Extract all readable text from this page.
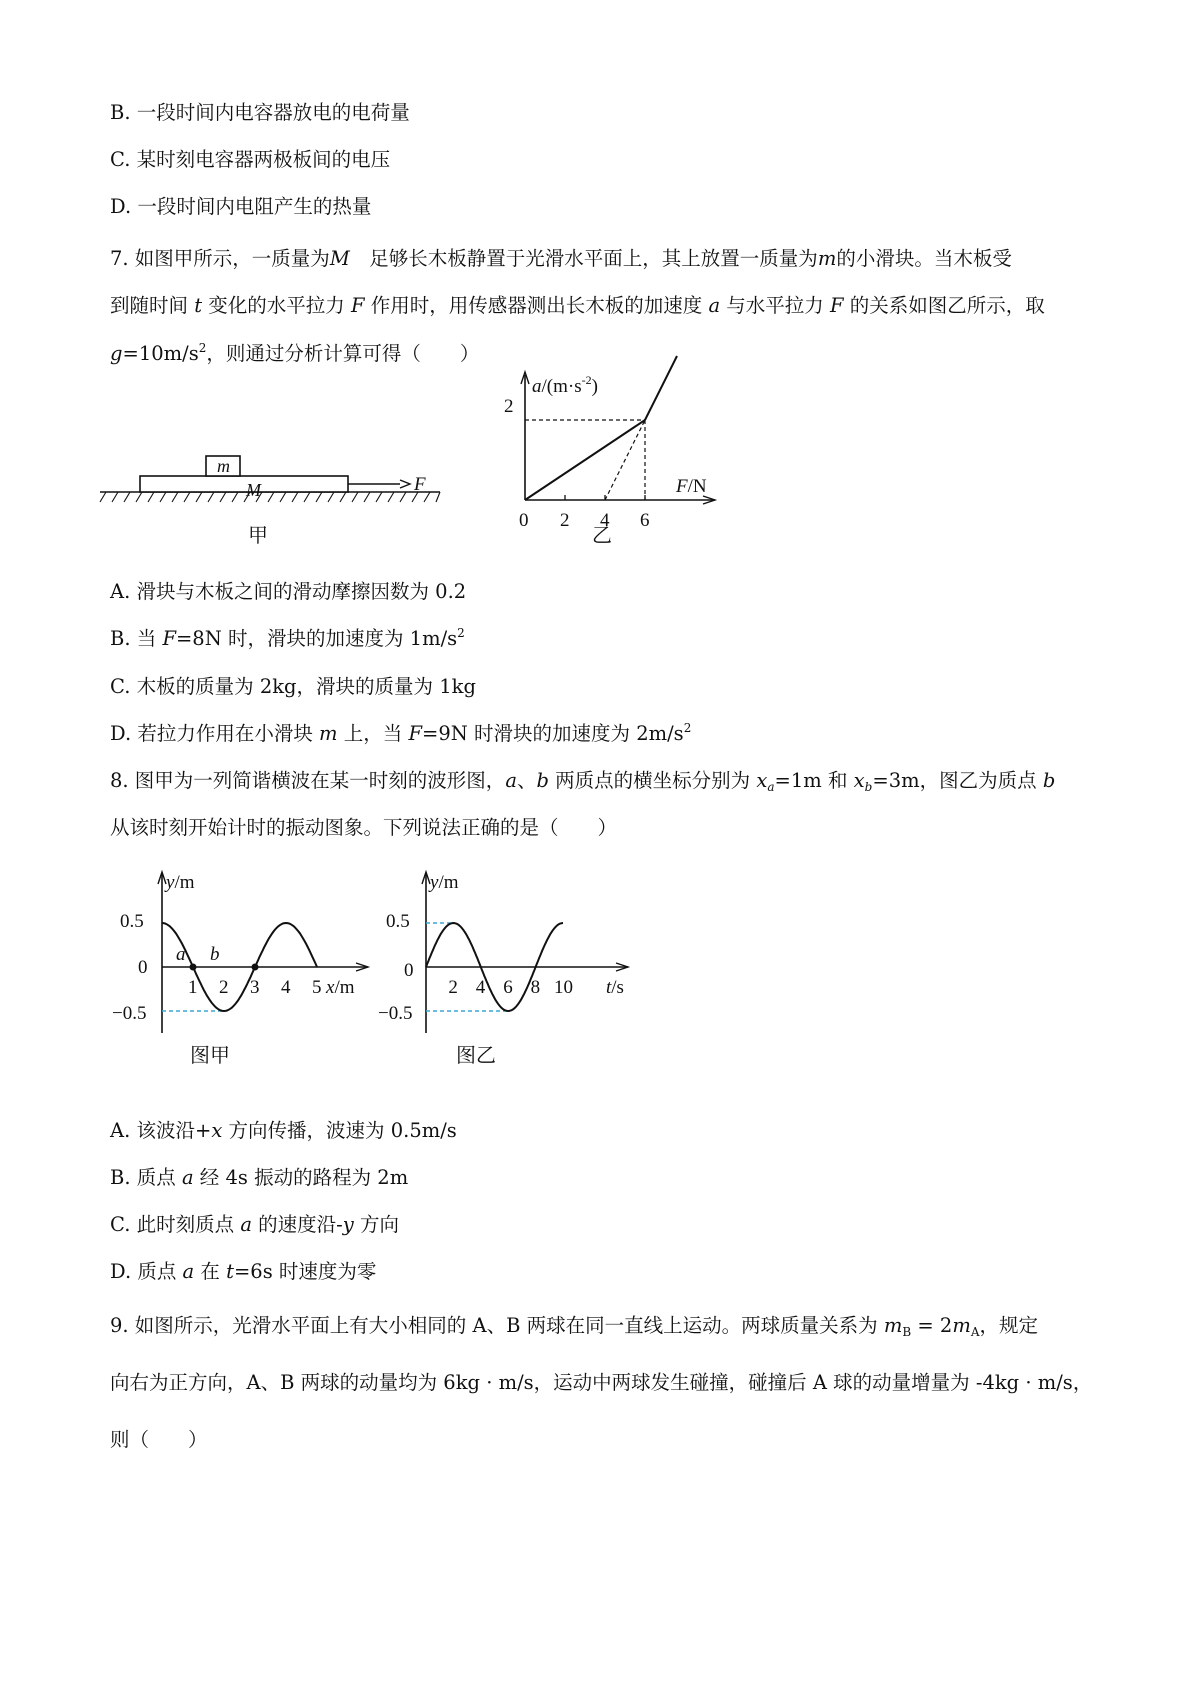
B. 一段时间内电容器放电的电荷量
C. 某时刻电容器两极板间的电压
D. 一段时间内电阻产生的热量
7. 如图甲所示，一质量为M　 足够长木板静置于光滑水平面上，其上放置一质量为m的小滑块。当木板受
到随时间 t 变化的水平拉力 F 作用时，用传感器测出长木板的加速度 a 与水平拉力 F 的关系如图乙所示，取
$g=10m/s^2$，则通过分析计算可得（　　）
m
M	F
甲
2 4 6
$a/(m\cdot s^{-2})$
F/N
0
2
乙
A. 滑块与木板之间的滑动摩擦因数为 0.2
B. 当 F=8N 时，滑块的加速度为 $1m/s^2$
C. 木板的质量为 2kg，滑块的质量为 1kg
D. 若拉力作用在小滑块 m 上，当 F=9N 时滑块的加速度为 $2m/s^2$
8. 图甲为一列简谐横波在某一时刻的波形图，a、b 两质点的横坐标分别为 $x_a=1m$ 和 $x_b=3m$，图乙为质点 b
从该时刻开始计时的振动图象。下列说法正确的是（　　）
1 2 3 4 5
y/m
x/m
0.5
0
−0.5
a b
图甲
2 4 6 8 10
y/m
t/s
0.5
0
−0.5
图乙
A. 该波沿+x 方向传播，波速为 0.5m/s
B. 质点 a 经 4s 振动的路程为 2m
C. 此时刻质点 a 的速度沿-y 方向
D. 质点 a 在 t=6s 时速度为零
9. 如图所示，光滑水平面上有大小相同的 A、B 两球在同一直线上运动。两球质量关系为 $m_B = 2m_A$，规定
向右为正方向，A、B 两球的动量均为 6kg · m/s，运动中两球发生碰撞，碰撞后 A 球的动量增量为 -4kg · m/s，
则（　　）
